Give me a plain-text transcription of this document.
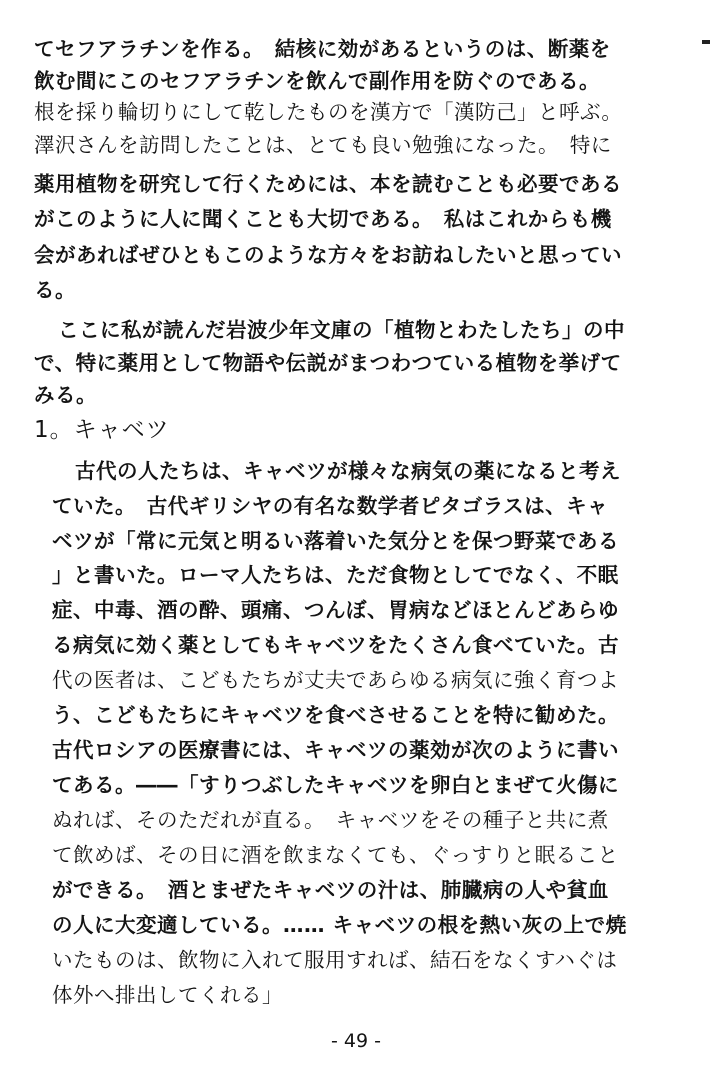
てセフアラチンを作る。　結核に効があるというのは、断薬を
飲む間にこのセフアラチンを飲んで副作用を防ぐのである。
根を採り輪切りにして乾したものを漢方で「漢防己」と呼ぶ。
澤沢さんを訪問したことは、とても良い勉強になった。　特に
薬用植物を研究して行くためには、本を読むことも必要である
がこのように人に聞くことも大切である。　私はこれからも機
会があればぜひともこのような方々をお訪ねしたいと思ってい
る。
ここに私が読んだ岩波少年文庫の「植物とわたしたち」の中
で、特に薬用として物語や伝説がまつわつている植物を挙げて
みる。
1。キャベツ
古代の人たちは、キャベツが様々な病気の薬になると考え
ていた。　古代ギリシヤの有名な数学者ピタゴラスは、キャ
ベツが「常に元気と明るい落着いた気分とを保つ野菜である
」と書いた。ローマ人たちは、ただ食物としてでなく、不眠
症、中毒、酒の酔、頭痛、つんぼ、胃病などほとんどあらゆ
る病気に効く薬としてもキャベツをたくさん食べていた。古
代の医者は、こどもたちが丈夫であらゆる病気に強く育つよ
う、こどもたちにキャベツを食べさせることを特に勧めた。
古代ロシアの医療書には、キャベツの薬効が次のように書い
てある。――「すりつぶしたキャベツを卵白とまぜて火傷に
ぬれば、そのただれが直る。　キャベツをその種子と共に煮
て飲めば、その日に酒を飲まなくても、ぐっすりと眠ること
ができる。　酒とまぜたキャベツの汁は、肺臓病の人や貧血
の人に大変適している。…… キャベツの根を熱い灰の上で焼
いたものは、飲物に入れて服用すれば、結石をなくすハぐは
体外へ排出してくれる」
- 49 -
